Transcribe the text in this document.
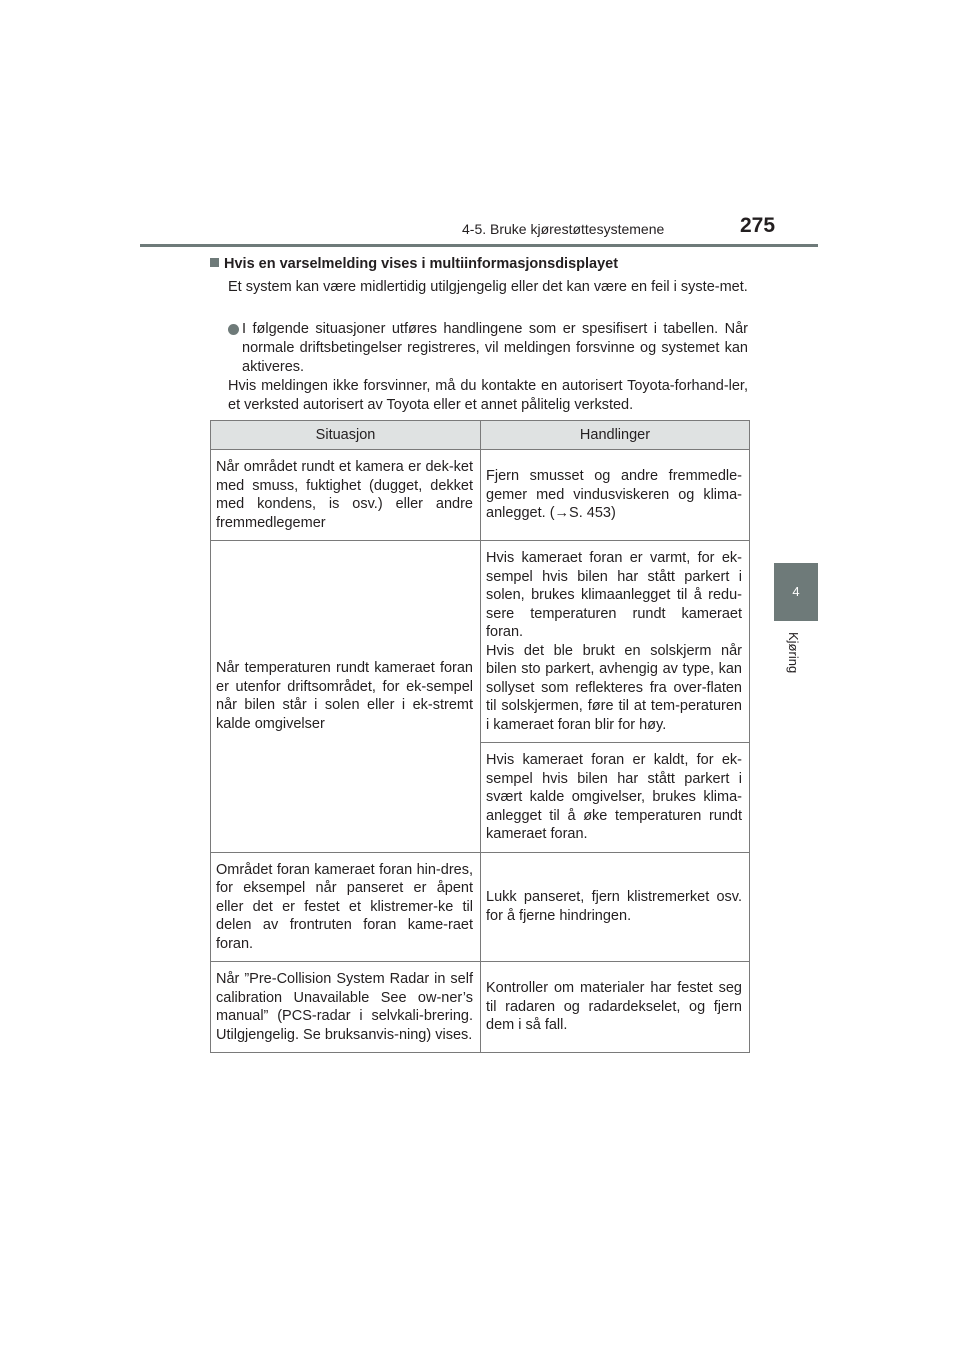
4-5. Bruke kjørestøttesystemene	275
4
Kjøring
Hvis en varselmelding vises i multiinformasjonsdisplayet
Et system kan være midlertidig utilgjengelig eller det kan være en feil i syste-met.
I følgende situasjoner utføres handlingene som er spesifisert i tabellen. Når normale driftsbetingelser registreres, vil meldingen forsvinne og systemet kan aktiveres.
Hvis meldingen ikke forsvinner, må du kontakte en autorisert Toyota-forhand-ler, et verksted autorisert av Toyota eller et annet pålitelig verksted.
Situasjon	Handlinger
Når området rundt et kamera er dek-ket med smuss, fuktighet (dugget, dekket med kondens, is osv.) eller andre fremmedlegemer	Fjern smusset og andre fremmedle-gemer med vindusviskeren og klima-anlegget. (→S. 453)
Når temperaturen rundt kameraet foran er utenfor driftsområdet, for ek-sempel når bilen står i solen eller i ek-stremt kalde omgivelser	Hvis kameraet foran er varmt, for ek-sempel hvis bilen har stått parkert i solen, brukes klimaanlegget til å redu-sere temperaturen rundt kameraet foran.
Hvis det ble brukt en solskjerm når bilen sto parkert, avhengig av type, kan sollyset som reflekteres fra over-flaten til solskjermen, føre til at tem-peraturen i kameraet foran blir for høy.
	Hvis kameraet foran er kaldt, for ek-sempel hvis bilen har stått parkert i svært kalde omgivelser, brukes klima-anlegget til å øke temperaturen rundt kameraet foran.
Området foran kameraet foran hin-dres, for eksempel når panseret er åpent eller det er festet et klistremer-ke til delen av frontruten foran kame-raet foran.	Lukk panseret, fjern klistremerket osv. for å fjerne hindringen.
Når ”Pre-Collision System Radar in self calibration Unavailable See ow-ner’s manual” (PCS-radar i selvkali-brering. Utilgjengelig. Se bruksanvis-ning) vises.	Kontroller om materialer har festet seg til radaren og radardekselet, og fjern dem i så fall.
